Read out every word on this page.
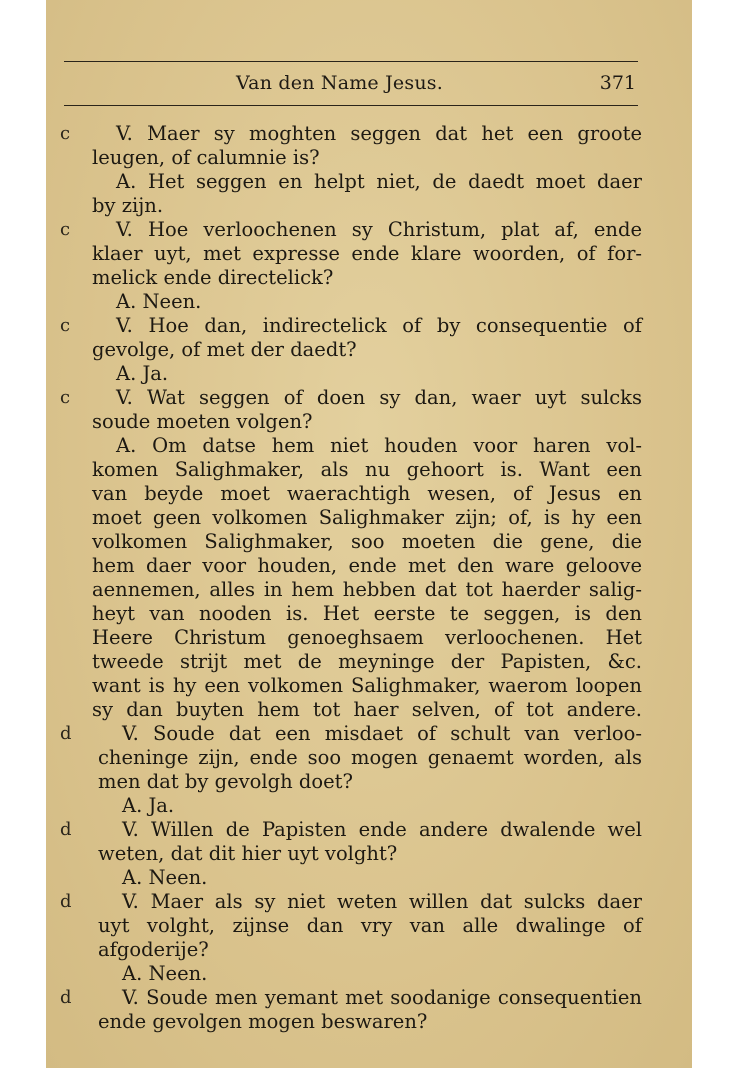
Van den Name Jesus.	371
c	V. Maer sy moghten seggen dat het een groote
leugen, of calumnie is?
A. Het seggen en helpt niet, de daedt moet daer
by zijn.
c	V. Hoe verloochenen sy Christum, plat af, ende
klaer uyt, met expresse ende klare woorden, of for-
melick ende directelick?
A. Neen.
c	V. Hoe dan, indirectelick of by consequentie of
gevolge, of met der daedt?
A. Ja.
c	V. Wat seggen of doen sy dan, waer uyt sulcks
soude moeten volgen?
A. Om datse hem niet houden voor haren vol-
komen Salighmaker, als nu gehoort is. Want een
van beyde moet waerachtigh wesen, of Jesus en
moet geen volkomen Salighmaker zijn; of, is hy een
volkomen Salighmaker, soo moeten die gene, die
hem daer voor houden, ende met den ware geloove
aennemen, alles in hem hebben dat tot haerder salig-
heyt van nooden is. Het eerste te seggen, is den
Heere Christum genoeghsaem verloochenen. Het
tweede strijt met de meyninge der Papisten, &c.
want is hy een volkomen Salighmaker, waerom loopen
sy dan buyten hem tot haer selven, of tot andere.
d	V. Soude dat een misdaet of schult van verloo-
cheninge zijn, ende soo mogen genaemt worden, als
men dat by gevolgh doet?
A. Ja.
d	V. Willen de Papisten ende andere dwalende wel
weten, dat dit hier uyt volght?
A. Neen.
d	V. Maer als sy niet weten willen dat sulcks daer
uyt volght, zijnse dan vry van alle dwalinge of
afgoderije?
A. Neen.
d	V. Soude men yemant met soodanige consequentien
ende gevolgen mogen beswaren?
